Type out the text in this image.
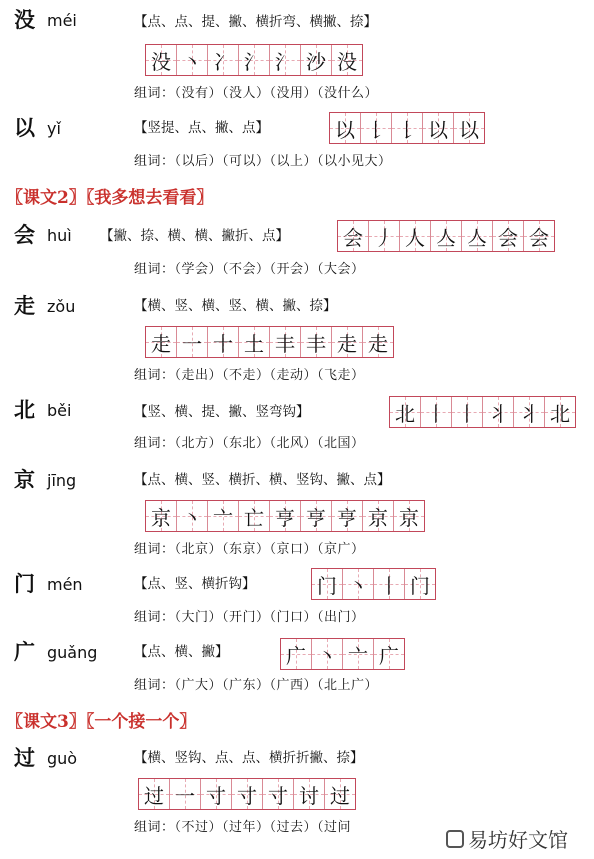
没 méi	【点、点、提、撇、横折弯、横撇、捺】
没 丶 冫 氵 氵 沙 没
组词：（没有）（没人）（没用）（没什么）
以 yǐ	【竖提、点、撇、点】	以 𠄌 𠄌 以 以
组词：（以后）（可以）（以上）（以小见大）
〖课文2〗〖我多想去看看〗
会 huì 【撇、捺、横、横、撇折、点】	会 丿 人 亼 亼 会 会
组词：（学会）（不会）（开会）（大会）
走 zǒu	【横、竖、横、竖、横、撇、捺】
走 一 十 土 丰 丰 走 走
组词：（走出）（不走）（走动）（飞走）
北 běi	【竖、横、提、撇、竖弯钩】	北 丨 丨 丬 丬 北
组词：（北方）（东北）（北风）（北国）
京 jīng	【点、横、竖、横折、横、竖钩、撇、点】
京 丶 亠 亡 亨 亨 亨 京 京
组词：（北京）（东京）（京口）（京广）
门 mén	【点、竖、横折钩】	门 丶 丨 门
组词：（大门）（开门）（门口）（出门）
广 guǎng	【点、横、撇】	广 丶 亠 广
组词：（广大）（广东）（广西）（北上广）
〖课文3〗〖一个接一个〗
过 guò	【横、竖钩、点、点、横折折撇、捺】
过 一 寸 寸 寸 讨 过
组词：（不过）（过年）（过去）（过问
易坊好文馆
